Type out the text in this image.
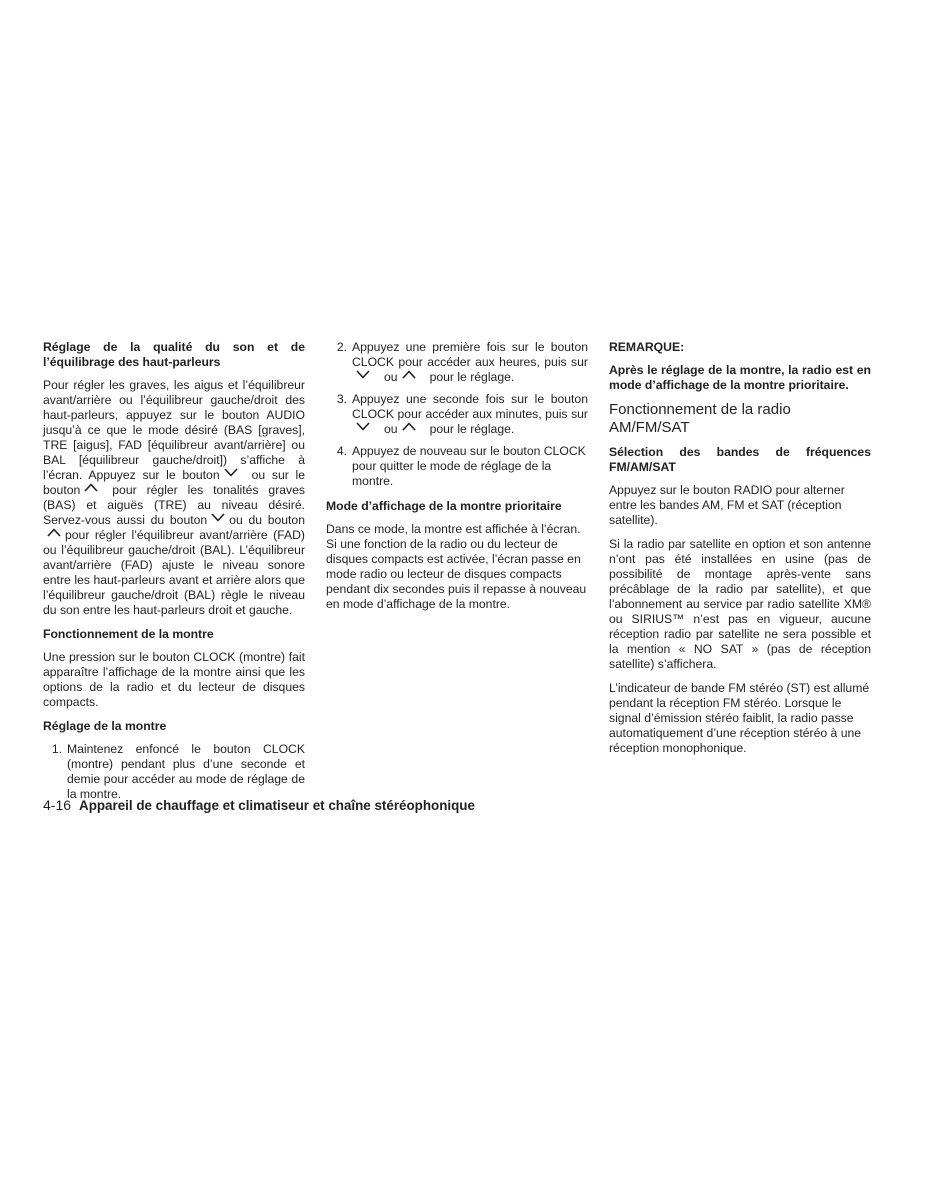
Réglage de la qualité du son et de l’équilibrage des haut-parleurs

Pour régler les graves, les aigus et l’équilibreur avant/arrière ou l’équilibreur gauche/droit des haut-parleurs, appuyez sur le bouton AUDIO jusqu’à ce que le mode désiré (BAS [graves], TRE [aigus], FAD [équilibreur avant/arrière] ou BAL [équilibreur gauche/droit]) s’affiche à l’écran. Appuyez sur le bouton	ou sur le bouton	pour régler les tonalités graves (BAS) et aiguës (TRE) au niveau désiré. Servez-vous aussi du bouton ou du bouton
pour régler l’équilibreur avant/arrière (FAD) ou l’équilibreur gauche/droit (BAL). L’équilibreur avant/arrière (FAD) ajuste le niveau sonore entre les haut-parleurs avant et arrière alors que l’équilibreur gauche/droit (BAL) règle le niveau du son entre les haut-parleurs droit et gauche.

Fonctionnement de la montre

Une pression sur le bouton CLOCK (montre) fait apparaître l’affichage de la montre ainsi que les options de la radio et du lecteur de disques compacts.

Réglage de la montre
1. Maintenez enfoncé le bouton CLOCK (montre) pendant plus d’une seconde et demie pour accéder au mode de réglage de la montre.
2. Appuyez une première fois sur le bouton CLOCK pour accéder aux heures, puis sur
ou	pour le réglage.
3. Appuyez une seconde fois sur le bouton CLOCK pour accéder aux minutes, puis sur
ou	pour le réglage.
4. Appuyez de nouveau sur le bouton CLOCK pour quitter le mode de réglage de la montre.
Mode d’affichage de la montre prioritaire

Dans ce mode, la montre est affichée à l’écran. Si une fonction de la radio ou du lecteur de disques compacts est activée, l’écran passe en mode radio ou lecteur de disques compacts pendant dix secondes puis il repasse à nouveau en mode d’affichage de la montre.

REMARQUE:
Après le réglage de la montre, la radio est en mode d’affichage de la montre prioritaire.
Fonctionnement de la radio AM/FM/SAT
Sélection des bandes de fréquences FM/AM/SAT

Appuyez sur le bouton RADIO pour alterner entre les bandes AM, FM et SAT (réception satellite).

Si la radio par satellite en option et son antenne n’ont pas été installées en usine (pas de possibilité de montage après-vente sans précâblage de la radio par satellite), et que l’abonnement au service par radio satellite XM® ou SIRIUS™ n’est pas en vigueur, aucune réception radio par satellite ne sera possible et la mention « NO SAT » (pas de réception satellite) s’affichera.

L’indicateur de bande FM stéréo (ST) est allumé pendant la réception FM stéréo. Lorsque le signal d’émission stéréo faiblit, la radio passe automatiquement d’une réception stéréo à une réception monophonique.

4-16 Appareil de chauffage et climatiseur et chaîne stéréophonique
